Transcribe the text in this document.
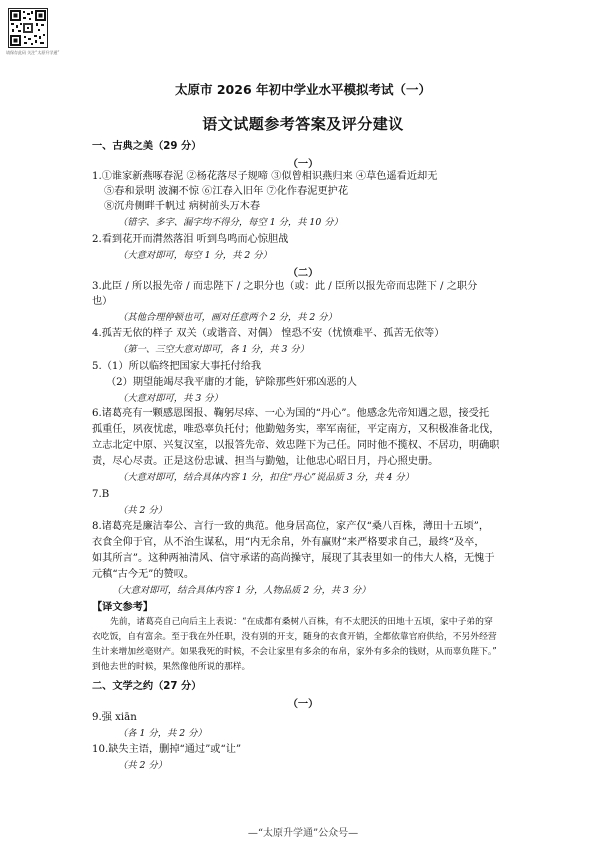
请保存此码 关注“太原升学通”
太原市 2026 年初中学业水平模拟考试（一）
语文试题参考答案及评分建议
一、古典之美（29 分）
（一）
1.①谁家新燕啄春泥 ②杨花落尽子规啼 ③似曾相识燕归来 ④草色遥看近却无
⑤春和景明 波澜不惊 ⑥江春入旧年 ⑦化作春泥更护花
⑧沉舟侧畔千帆过 病树前头万木春
（错字、多字、漏字均不得分，每空 1 分，共 10 分）
2.看到花开而潸然落泪 听到鸟鸣而心惊胆战
（大意对即可，每空 1 分，共 2 分）
（二）
3.此臣 / 所以报先帝 / 而忠陛下 / 之职分也（或：此 / 臣所以报先帝而忠陛下 / 之职分
也）
（其他合理停顿也可，画对任意两个 2 分，共 2 分）
4.孤苦无依的样子 双关（或谐音、对偶） 惶恐不安（忧愤难平、孤苦无依等）
（第一、三空大意对即可，各 1 分，共 3 分）
5.（1）所以临终把国家大事托付给我
（2）期望能竭尽我平庸的才能，铲除那些奸邪凶恶的人
（大意对即可，共 3 分）
6.诸葛亮有一颗感恩图报、鞠躬尽瘁、一心为国的“丹心”。他感念先帝知遇之恩，接受托
孤重任，夙夜忧虑，唯恐辜负托付；他勤勉务实，率军南征，平定南方，又积极准备北伐，
立志北定中原、兴复汉室，以报答先帝、效忠陛下为己任。同时他不揽权、不居功，明确职
责，尽心尽责。正是这份忠诚、担当与勤勉，让他忠心昭日月，丹心照史册。
（大意对即可，结合具体内容 1 分，扣住“丹心”说品质 3 分，共 4 分）
7.B
（共 2 分）
8.诸葛亮是廉洁奉公、言行一致的典范。他身居高位，家产仅“桑八百株，薄田十五顷”，
衣食全仰于官，从不治生谋私，用“内无余帛，外有赢财”来严格要求自己，最终“及卒，
如其所言”。这种两袖清风、信守承诺的高尚操守，展现了其表里如一的伟大人格，无愧于
元稹“古今无”的赞叹。
（大意对即可，结合具体内容 1 分，人物品质 2 分，共 3 分）
【译文参考】
先前，诸葛亮自己向后主上表说：“在成都有桑树八百株，有不太肥沃的田地十五顷，家中子弟的穿
衣吃饭，自有富余。至于我在外任职，没有别的开支，随身的衣食开销，全都依靠官府供给，不另外经营
生计来增加丝毫财产。如果我死的时候，不会让家里有多余的布帛，家外有多余的钱财，从而辜负陛下。”
到他去世的时候，果然像他所说的那样。
二、文学之约（27 分）
（一）
9.强 xiān
（各 1 分，共 2 分）
10.缺失主语，删掉“通过”或“让”
（共 2 分）
—“太原升学通”公众号—
